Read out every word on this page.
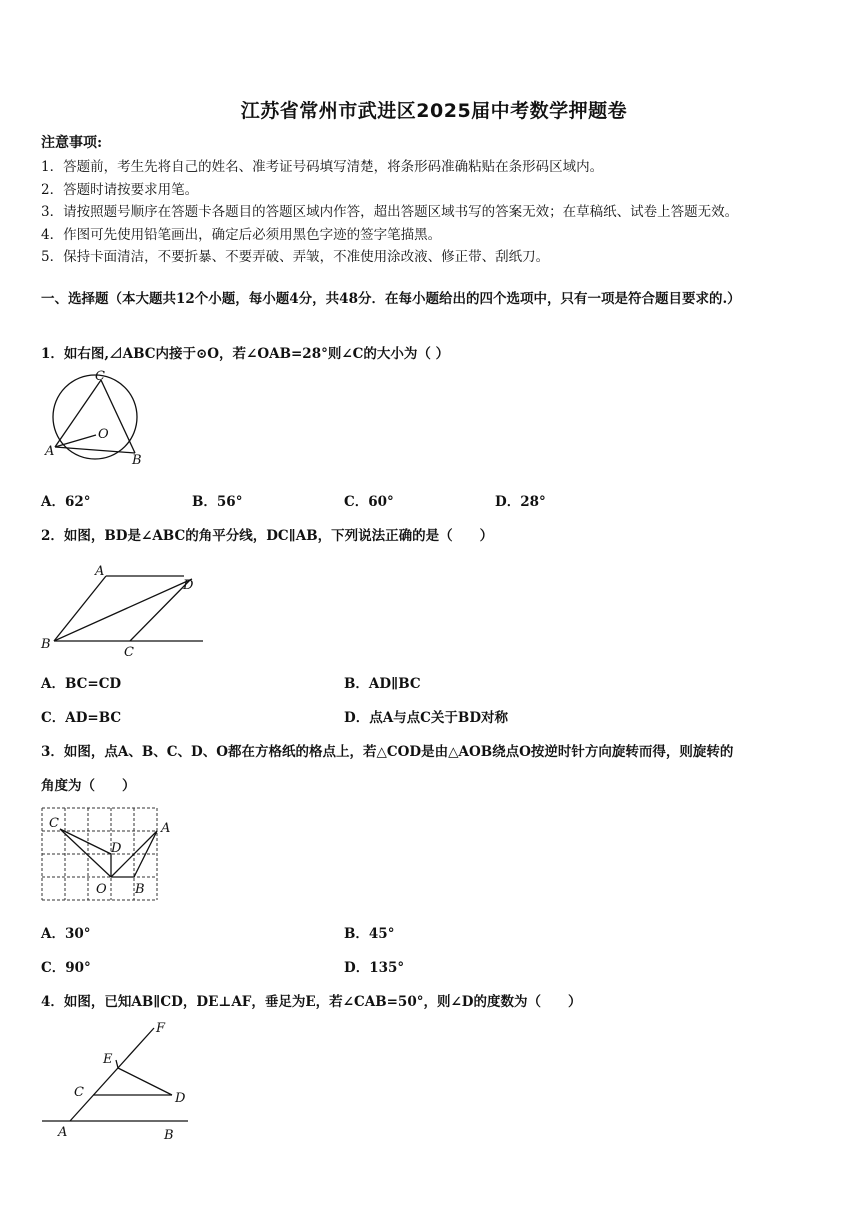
江苏省常州市武进区2025届中考数学押题卷
注意事项:
1．答题前，考生先将自己的姓名、准考证号码填写清楚，将条形码准确粘贴在条形码区域内。
2．答题时请按要求用笔。
3．请按照题号顺序在答题卡各题目的答题区域内作答，超出答题区域书写的答案无效；在草稿纸、试卷上答题无效。
4．作图可先使用铅笔画出，确定后必须用黑色字迹的签字笔描黑。
5．保持卡面清洁，不要折暴、不要弄破、弄皱，不准使用涂改液、修正带、刮纸刀。
一、选择题（本大题共12个小题，每小题4分，共48分．在每小题给出的四个选项中，只有一项是符合题目要求的.）
1．如右图,⊿ABC内接于⊙O，若∠OAB=28°则∠C的大小为（ ）
C
O
A
B
A．62°	B．56°	C．60°	D．28°
2．如图，BD是∠ABC的角平分线，DC∥AB，下列说法正确的是（　　）
A
D
B
C
A．BC=CD	B．AD∥BC
C．AD=BC	D．点A与点C关于BD对称
3．如图，点A、B、C、D、O都在方格纸的格点上，若△COD是由△AOB绕点O按逆时针方向旋转而得，则旋转的
角度为（　　）
C	A
D
O B
A．30°	B．45°
C．90°	D．135°
4．如图，已知AB∥CD，DE⊥AF，垂足为E，若∠CAB=50°，则∠D的度数为（　　）
F
E
C	D
A	B
